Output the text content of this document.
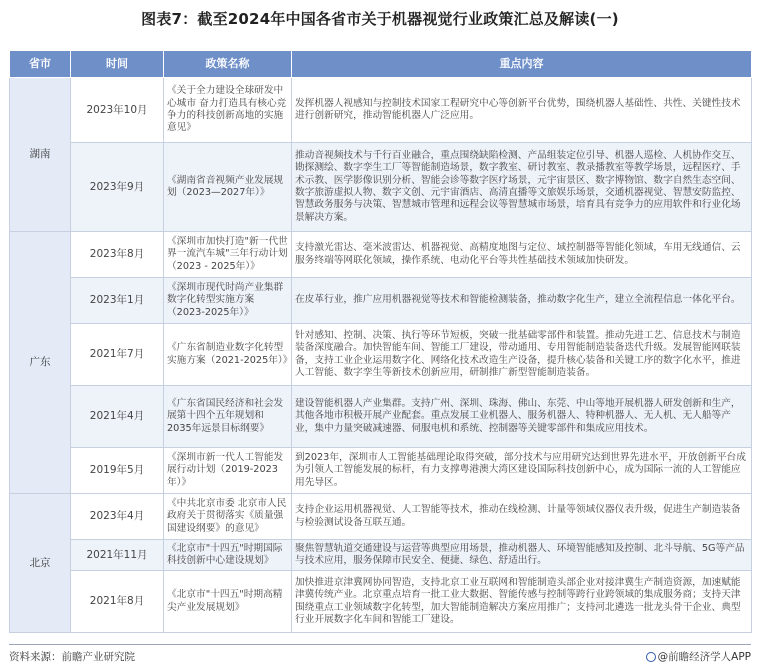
图表7：截至2024年中国各省市关于机器视觉行业政策汇总及解读(一)
省市	时间	政策名称	重点内容
湖南	2023年10月	《关于全力建设全球研发中心城市 奋力打造具有核心竞争力的科技创新高地的实施意见》	发挥机器人视感知与控制技术国家工程研究中心等创新平台优势，围绕机器人基础性、共性、关键性技术进行创新研究，推动智能机器人广泛应用。
	2023年9月	《湖南省音视频产业发展规划（2023—2027年）》	推动音视频技术与千行百业融合，重点围绕缺陷检测、产品组装定位引导、机器人巡检、人机协作交互、勘探测绘、数字孪生工厂等智能制造场景，数字教室、研讨教室、教录播教室等教学场景，远程医疗、手术示教、医学影像识别分析、智能会诊等数字医疗场景，元宇宙景区、数字博物馆、数字自然生态空间、数字旅游虚拟人物、数字文创、元宇宙酒店、高清直播等文旅娱乐场景，交通机器视觉、智慧安防监控、智慧政务服务与决策、智慧城市管理和远程会议等智慧城市场景，培育具有竞争力的应用软件和行业化场景解决方案。
广东	2023年8月	《深圳市加快打造"新一代世界一流汽车城"三年行动计划（2023 - 2025年）》	支持激光雷达、毫米波雷达、机器视觉、高精度地图与定位、域控制器等智能化领域，车用无线通信、云服务终端等网联化领域，操作系统、电动化平台等共性基础技术领域加快研发。
	2023年1月	《深圳市现代时尚产业集群数字化转型实施方案（2023-2025年）》	在皮革行业，推广应用机器视觉等技术和智能检测装备，推动数字化生产，建立全流程信息一体化平台。
	2021年7月	《广东省制造业数字化转型实施方案（2021-2025年）》	针对感知、控制、决策、执行等环节短板，突破一批基础零部件和装置。推动先进工艺、信息技术与制造装备深度融合。加快智能车间、智能工厂建设，带动通用、专用智能制造装备迭代升级。发展智能网联装备，支持工业企业运用数字化、网络化技术改造生产设备，提升核心装备和关键工序的数字化水平，推进人工智能、数字孪生等新技术创新应用，研制推广新型智能制造装备。
	2021年4月	《广东省国民经济和社会发展第十四个五年规划和2035年远景目标纲要》	建设智能机器人产业集群。支持广州、深圳、珠海、佛山、东莞、中山等地开展机器人研发创新和生产，其他各地市积极开展产业配套。重点发展工业机器人、服务机器人、特种机器人、无人机、无人船等产业，集中力量突破减速器、伺服电机和系统、控制器等关键零部件和集成应用技术。
	2019年5月	《深圳市新一代人工智能发展行动计划（2019-2023年）》	到2023年，深圳市人工智能基础理论取得突破，部分技术与应用研究达到世界先进水平，开放创新平台成为引领人工智能发展的标杆，有力支撑粤港澳大湾区建设国际科技创新中心，成为国际一流的人工智能应用先导区。
北京	2023年4月	《中共北京市委 北京市人民政府关于贯彻落实《质量强国建设纲要》的意见》	支持企业运用机器视觉、人工智能等技术，推动在线检测、计量等领域仪器仪表升级，促进生产制造装备与检验测试设备互联互通。
	2021年11月	《北京市"十四五"时期国际科技创新中心建设规划》	聚焦智慧轨道交通建设与运营等典型应用场景，推动机器人、环境智能感知及控制、北斗导航、5G等产品与技术应用，服务保障市民安全、便捷、绿色、舒适出行。
	2021年8月	《北京市"十四五"时期高精尖产业发展规划》	加快推进京津冀网协同智造，支持北京工业互联网和智能制造头部企业对接津冀生产制造资源，加速赋能津冀传统产业。北京重点培育一批工业大数据、智能传感与控制等跨行业跨领域的集成服务商；支持天津围绕重点工业领域数字化转型，加大智能制造解决方案应用推广；支持河北遴选一批龙头骨干企业、典型行业开展数字化车间和智能工厂建设。
资料来源：前瞻产业研究院	@前瞻经济学人APP
